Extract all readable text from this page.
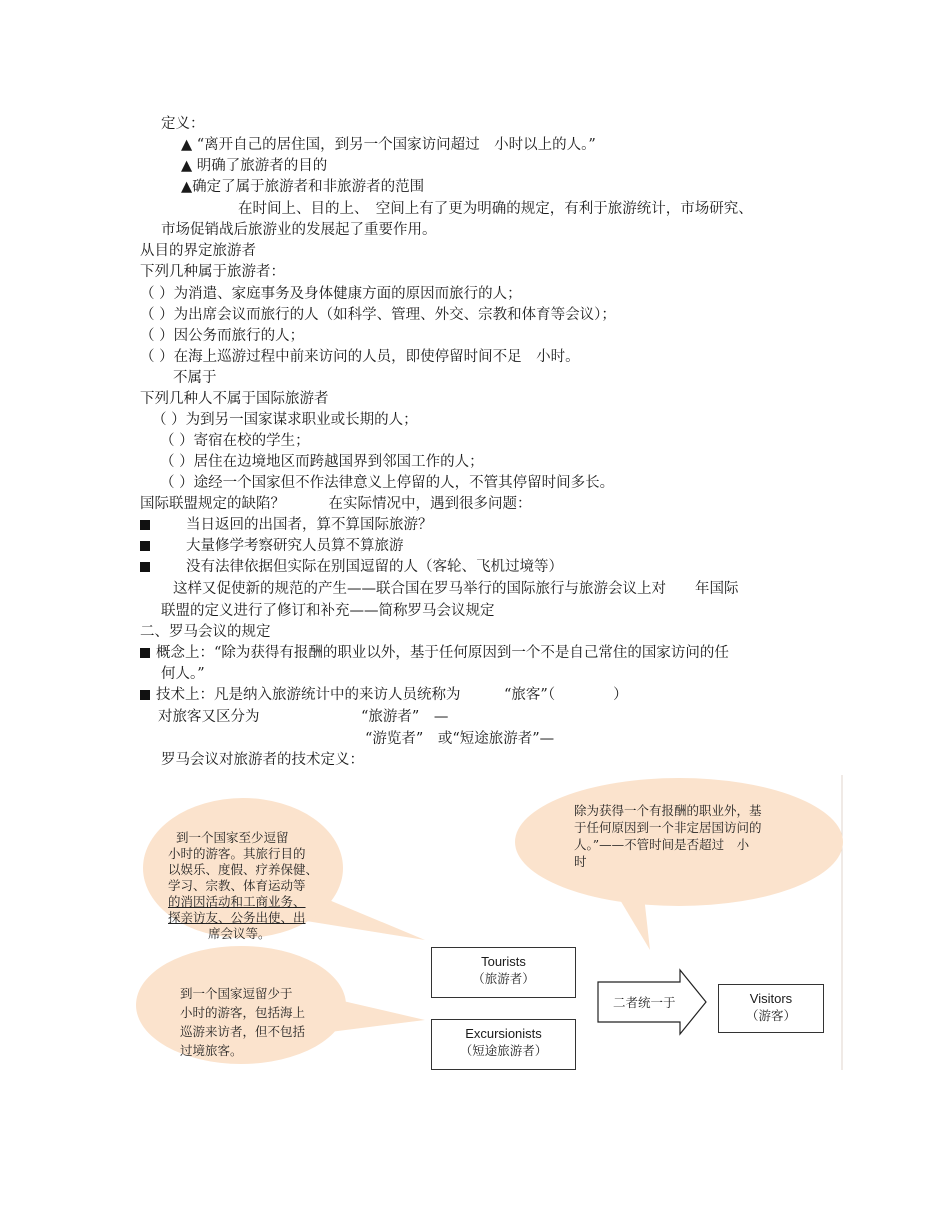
定义：
▲ “离开自己的居住国，到另一个国家访问超过　小时以上的人。”
▲ 明确了旅游者的目的
▲确定了属于旅游者和非旅游者的范围
在时间上、目的上、　空间上有了更为明确的规定，有利于旅游统计，市场研究、
市场促销战后旅游业的发展起了重要作用。
从目的界定旅游者
下列几种属于旅游者：
（ ）为消遣、家庭事务及身体健康方面的原因而旅行的人；
（ ）为出席会议而旅行的人（如科学、管理、外交、宗教和体育等会议）；
（ ）因公务而旅行的人；
（ ）在海上巡游过程中前来访问的人员，即使停留时间不足　小时。
不属于
下列几种人不属于国际旅游者
（ ）为到另一国家谋求职业或长期的人；
（ ）寄宿在校的学生；
（ ）居住在边境地区而跨越国界到邻国工作的人；
（ ）途经一个国家但不作法律意义上停留的人，不管其停留时间多长。
国际联盟规定的缺陷？　　　在实际情况中，遇到很多问题：
当日返回的出国者，算不算国际旅游？
大量修学考察研究人员算不算旅游
没有法律依据但实际在别国逗留的人（客轮、飞机过境等）
这样又促使新的规范的产生——联合国在罗马举行的国际旅行与旅游会议上对　　年国际
联盟的定义进行了修订和补充——简称罗马会议规定
二、罗马会议的规定
概念上：“除为获得有报酬的职业以外，基于任何原因到一个不是自己常住的国家访问的任
何人。”
技术上：凡是纳入旅游统计中的来访人员统称为　　　“旅客”（　　　　）
对旅客又区分为　　　　　　　“旅游者”　—
“游览者”　或“短途旅游者”—
罗马会议对旅游者的技术定义：
到一个国家至少逗留
小时的游客。其旅行目的
以娱乐、度假、疗养保健、
学习、宗教、体育运动等
的消因活动和工商业务、
探亲访友、公务出使、出
席会议等。
到一个国家逗留少于
小时的游客，包括海上
巡游来访者，但不包括
过境旅客。
除为获得一个有报酬的职业外，基
于任何原因到一个非定居国访问的
人。”——不管时间是否超过　小
时
Tourists
（旅游者）
Excursionists
（短途旅游者）
二者统一于	Visitors
（游客）
